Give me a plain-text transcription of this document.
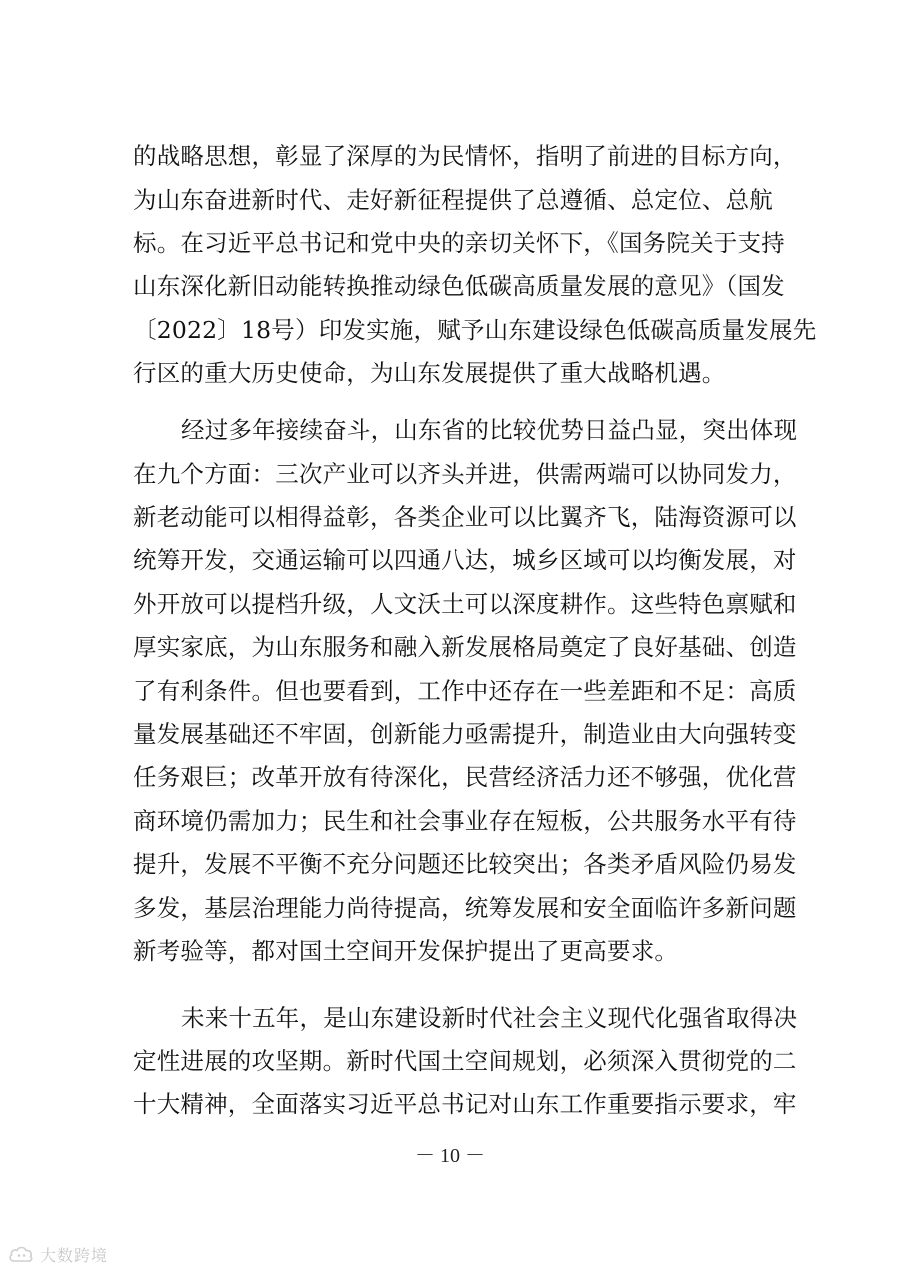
的战略思想，彰显了深厚的为民情怀，指明了前进的目标方向，
为山东奋进新时代、走好新征程提供了总遵循、总定位、总航
标。在习近平总书记和党中央的亲切关怀下，《国务院关于支持
山东深化新旧动能转换推动绿色低碳高质量发展的意见》（国发
〔2022〕18号）印发实施，赋予山东建设绿色低碳高质量发展先
行区的重大历史使命，为山东发展提供了重大战略机遇。
经过多年接续奋斗，山东省的比较优势日益凸显，突出体现
在九个方面：三次产业可以齐头并进，供需两端可以协同发力，
新老动能可以相得益彰，各类企业可以比翼齐飞，陆海资源可以
统筹开发，交通运输可以四通八达，城乡区域可以均衡发展，对
外开放可以提档升级，人文沃土可以深度耕作。这些特色禀赋和
厚实家底，为山东服务和融入新发展格局奠定了良好基础、创造
了有利条件。但也要看到，工作中还存在一些差距和不足：高质
量发展基础还不牢固，创新能力亟需提升，制造业由大向强转变
任务艰巨；改革开放有待深化，民营经济活力还不够强，优化营
商环境仍需加力；民生和社会事业存在短板，公共服务水平有待
提升，发展不平衡不充分问题还比较突出；各类矛盾风险仍易发
多发，基层治理能力尚待提高，统筹发展和安全面临许多新问题
新考验等，都对国土空间开发保护提出了更高要求。
未来十五年，是山东建设新时代社会主义现代化强省取得决
定性进展的攻坚期。新时代国土空间规划，必须深入贯彻党的二
十大精神，全面落实习近平总书记对山东工作重要指示要求，牢
－ 10 －
大数跨境
